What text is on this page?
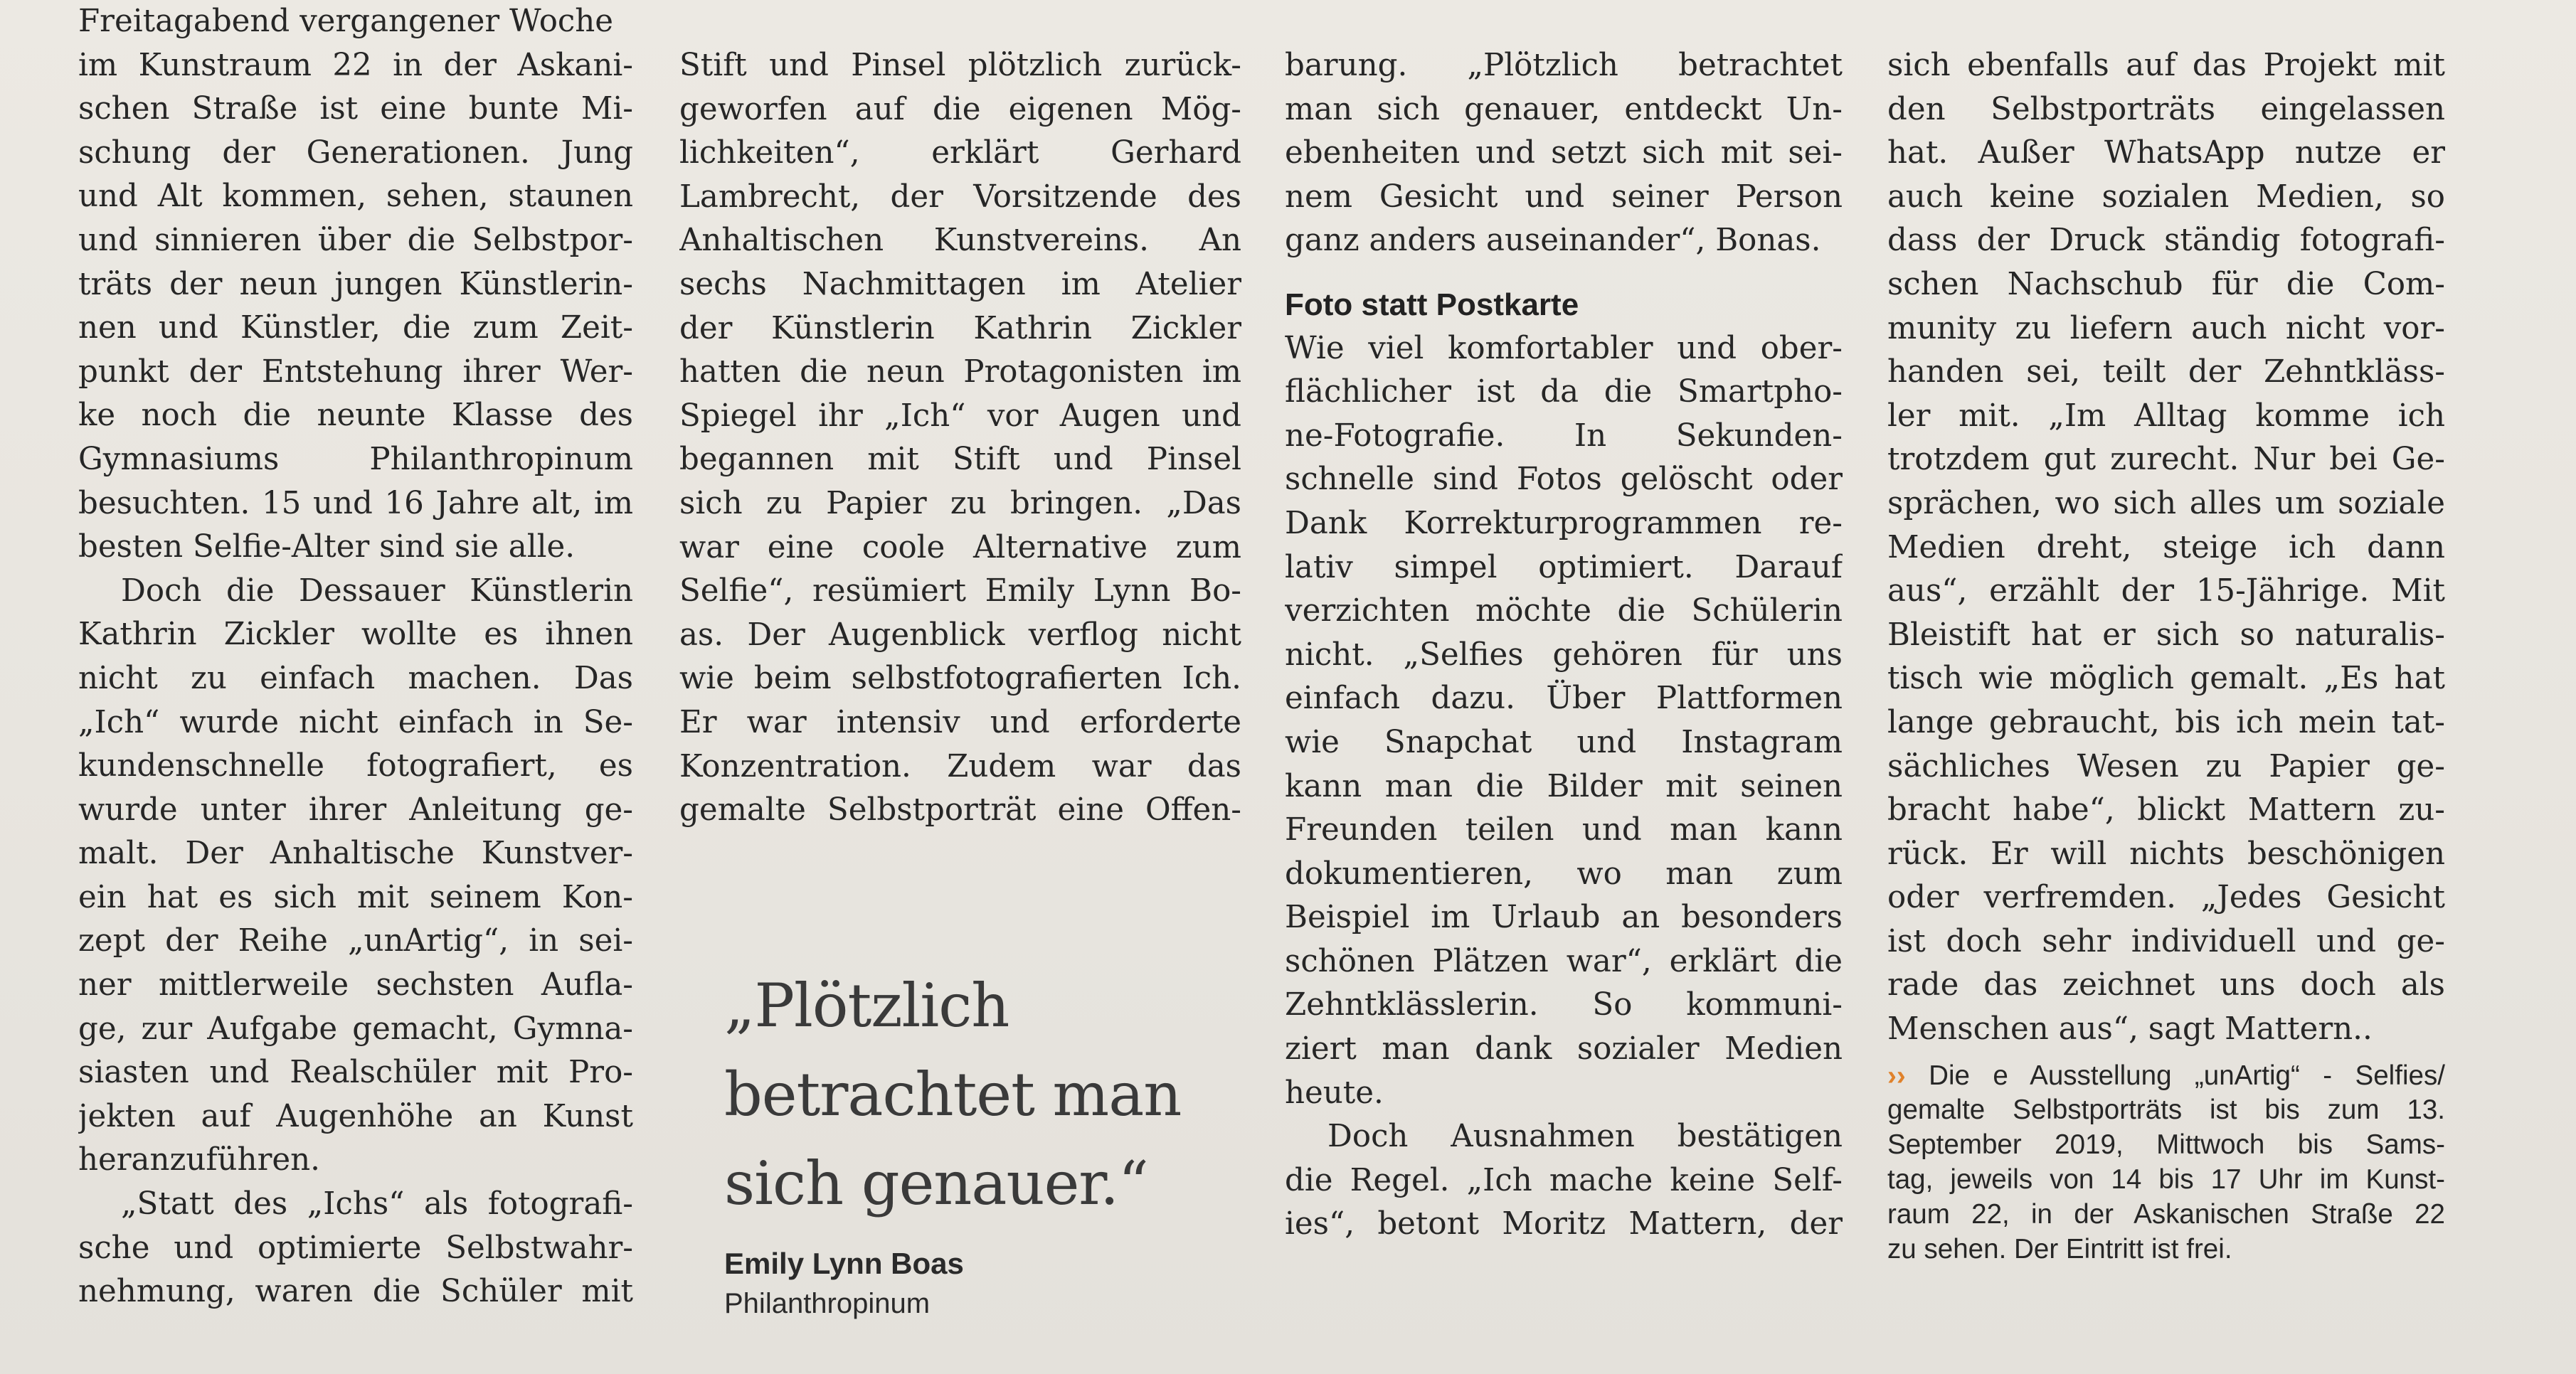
Freitagabend vergangener Woche
im Kunstraum 22 in der Askani-
schen Straße ist eine bunte Mi-
schung der Generationen. Jung
und Alt kommen, sehen, staunen
und sinnieren über die Selbstpor-
träts der neun jungen Künstlerin-
nen und Künstler, die zum Zeit-
punkt der Entstehung ihrer Wer-
ke noch die neunte Klasse des
Gymnasiums Philanthropinum
besuchten. 15 und 16 Jahre alt, im
besten Selfie-Alter sind sie alle.
Doch die Dessauer Künstlerin
Kathrin Zickler wollte es ihnen
nicht zu einfach machen. Das
„Ich“ wurde nicht einfach in Se-
kundenschnelle fotografiert, es
wurde unter ihrer Anleitung ge-
malt. Der Anhaltische Kunstver-
ein hat es sich mit seinem Kon-
zept der Reihe „unArtig“, in sei-
ner mittlerweile sechsten Aufla-
ge, zur Aufgabe gemacht, Gymna-
siasten und Realschüler mit Pro-
jekten auf Augenhöhe an Kunst
heranzuführen.
„Statt des „Ichs“ als fotografi-
sche und optimierte Selbstwahr-
nehmung, waren die Schüler mit
Stift und Pinsel plötzlich zurück-
geworfen auf die eigenen Mög-
lichkeiten“, erklärt Gerhard
Lambrecht, der Vorsitzende des
Anhaltischen Kunstvereins. An
sechs Nachmittagen im Atelier
der Künstlerin Kathrin Zickler
hatten die neun Protagonisten im
Spiegel ihr „Ich“ vor Augen und
begannen mit Stift und Pinsel
sich zu Papier zu bringen. „Das
war eine coole Alternative zum
Selfie“, resümiert Emily Lynn Bo-
as. Der Augenblick verflog nicht
wie beim selbstfotografierten Ich.
Er war intensiv und erforderte
Konzentration. Zudem war das
gemalte Selbstporträt eine Offen-
barung. „Plötzlich betrachtet
man sich genauer, entdeckt Un-
ebenheiten und setzt sich mit sei-
nem Gesicht und seiner Person
ganz anders auseinander“, Bonas.
Foto statt Postkarte
Wie viel komfortabler und ober-
flächlicher ist da die Smartpho-
ne-Fotografie. In Sekunden-
schnelle sind Fotos gelöscht oder
Dank Korrekturprogrammen re-
lativ simpel optimiert. Darauf
verzichten möchte die Schülerin
nicht. „Selfies gehören für uns
einfach dazu. Über Plattformen
wie Snapchat und Instagram
kann man die Bilder mit seinen
Freunden teilen und man kann
dokumentieren, wo man zum
Beispiel im Urlaub an besonders
schönen Plätzen war“, erklärt die
Zehntklässlerin. So kommuni-
ziert man dank sozialer Medien
heute.
Doch Ausnahmen bestätigen
die Regel. „Ich mache keine Self-
ies“, betont Moritz Mattern, der
sich ebenfalls auf das Projekt mit
den Selbstporträts eingelassen
hat. Außer WhatsApp nutze er
auch keine sozialen Medien, so
dass der Druck ständig fotografi-
schen Nachschub für die Com-
munity zu liefern auch nicht vor-
handen sei, teilt der Zehntkläss-
ler mit. „Im Alltag komme ich
trotzdem gut zurecht. Nur bei Ge-
sprächen, wo sich alles um soziale
Medien dreht, steige ich dann
aus“, erzählt der 15-Jährige. Mit
Bleistift hat er sich so naturalis-
tisch wie möglich gemalt. „Es hat
lange gebraucht, bis ich mein tat-
sächliches Wesen zu Papier ge-
bracht habe“, blickt Mattern zu-
rück. Er will nichts beschönigen
oder verfremden. „Jedes Gesicht
ist doch sehr individuell und ge-
rade das zeichnet uns doch als
Menschen aus“, sagt Mattern..
›› Die e Ausstellung „unArtig“ - Selfies/
gemalte Selbstporträts ist bis zum 13.
September 2019, Mittwoch bis Sams-
tag, jeweils von 14 bis 17 Uhr im Kunst-
raum 22, in der Askanischen Straße 22
zu sehen. Der Eintritt ist frei.
„Plötzlich
betrachtet man
sich genauer.“
Emily Lynn Boas
Philanthropinum
